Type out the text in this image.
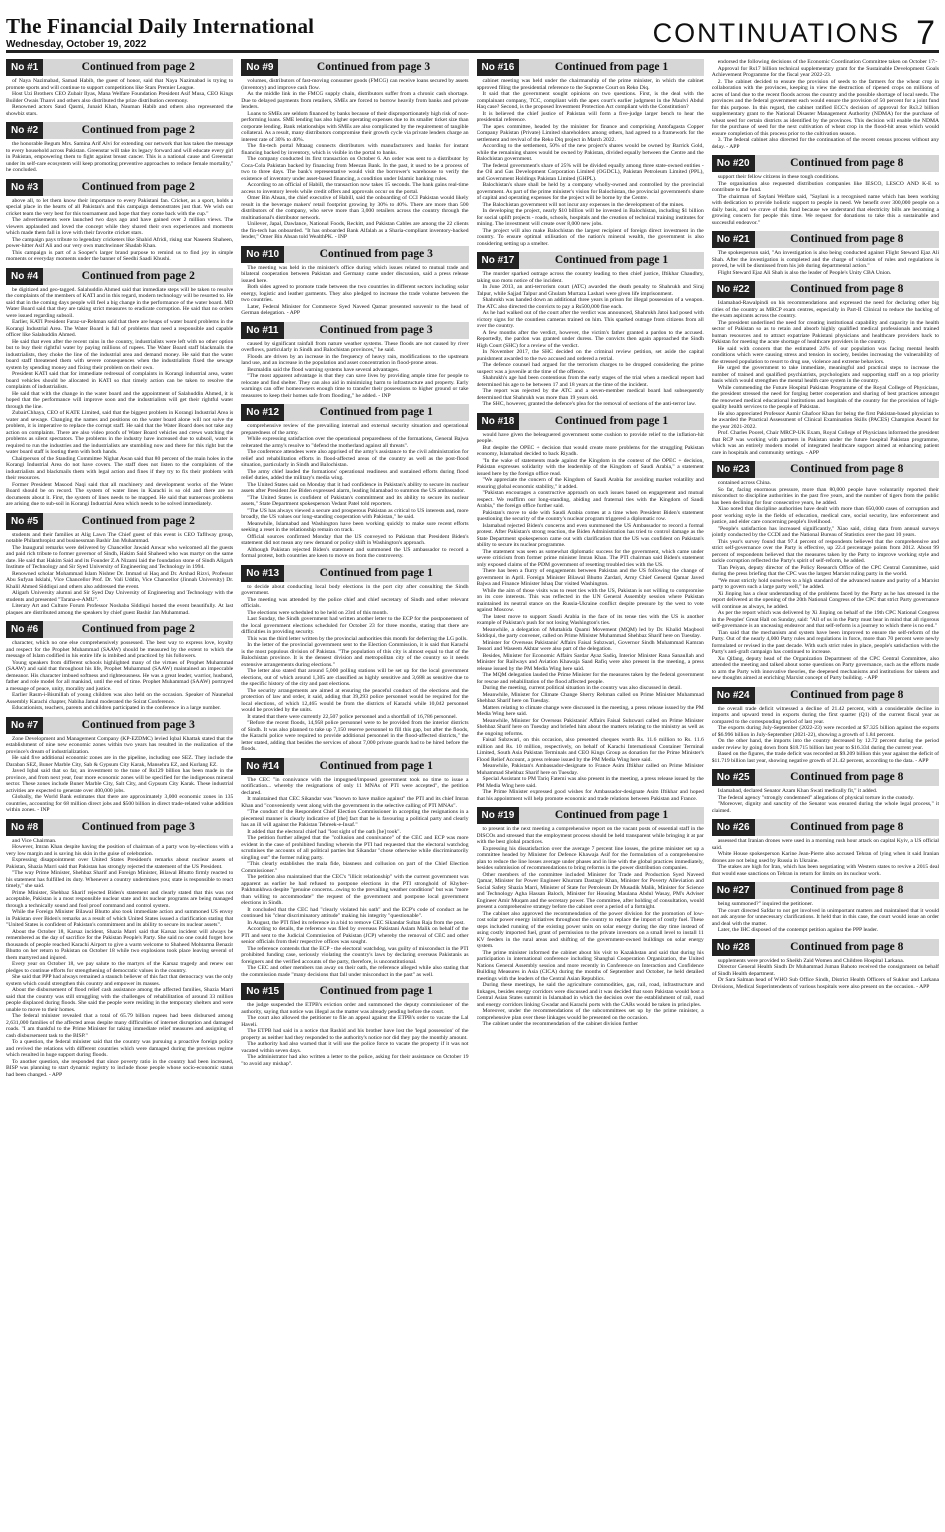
The Financial Daily International
Wednesday, October 19, 2022	CONTINUATIONS 7
No #1	Continued from page 2

of Naya Nazimabad, Samad Habib, the guest of honor, said that Naya Nazimabad is trying to promote sports and will continue to support competitions like Stars Premier League.

Host Uzi Brothers CEO Zubair Ilyas, Mana Welfare Foundation President Asif Musa, CEO Kings Builder Owais Thanvi and others also distributed the prize distribution ceremony.

Renowned actors Saud Qasmi, Junaid Khan, Nauman Habib and others also represented the showbiz stars.

No #2	Continued from page 2

the honorable Begum Mrs. Samina Arif Alvi for extending our network that has taken the message to every household across Pakistan. Greenstar will take its legacy forward and will educate every girl in Pakistan, empowering them to fight against breast cancer. This is a national cause and Greenstar under its self-care ecosystem will keep promoting preventive approaches to reduce female mortality," he concluded.

No #3	Continued from page 2

above all, to let them know their importance to every Pakistani fan. Cricket, as a sport, holds a special place in the hearts of all Pakistan's and this campaign demonstrates just that. We wish our cricket team the very best for this tournament and hope that they come back with the cup."

The advertisements were launched two days ago and have gained over 2 million views. The viewers applauded and loved the concept while they shared their own experiences and moments which made them fall in love with their favorite cricket stars.

The campaign pays tribute to legendary cricketers like Shahid Afridi, rising star Naseem Shaheen, power-hitter Asif Ali and our very own matchwinner Shadab Khan.

This campaign is part of a Sooper's larger brand purpose to remind us to find joy in simple moments or everyday moments under the banner of Seedhi Saadi Khushi.

No #4	Continued from page 2

be digitized and geo-tagged. Salahuddin Ahmed said that immediate steps will be taken to resolve the complaints of the members of KATI and in this regard, modern technology will be resorted to. He said that in the coming days people will feel a big change in the performance of the water board. MD Water Board said that they are taking strict measures to eradicate corruption. He said that no orders were issued regarding subsoil.

Earlier, KATI President Faraz-ur-Rehman said that there are heaps of water board problems in the Korangi Industrial Area. The Water Board is full of problems that need a responsible and capable officer like Salahuddin Ahmed.

He said that even after the recent rains in the country, industrialists were left with no other option but to buy their rightful water by paying millions of rupees. The Water Board staff blackmails the industrialists, they choke the line of the industrial area and demand money. He said that the water board staff threatened them with severe consequences when the industrialists fixed the sewage system by spending money and fixing their problem on their own.

President KATI said that for immediate redressal of complaints in Korangi industrial area, water board vehicles should be allocated in KATI so that timely action can be taken to resolve the complaints of industrialists.

He said that with the change in the water board and the appointment of Salahuddin Ahmed, it is hoped that the performance will improve soon and the industrialists will get their rightful water through the line.

ZubairChhaya, CEO of KATE Limited, said that the biggest problem in Korangi Industrial Area is water and sewage. Changing the names and positions on the water board alone will not solve the problem, it is imperative to replace the corrupt staff. He said that the Water Board does not take any action on complaints. There are also video proofs of Water Board vehicles and crews watching the problems as silent spectators. The problems in the industry have increased due to subsoil, water is required to run the industries and the industrialists are stumbling now and there for this right but the water board staff is looting them with both hands.

Chairperson of the Standing Committee Nighat Awan said that 80 percent of the main holes in the Korangi Industrial Area do not have covers. The staff does not listen to the complaints of the industrialists and blackmails them with legal action and fines if they try to fix their problem with their resources.

Former President Masood Naqi said that all machinery and development works of the Water Board should be on record. The system of water lines in Karachi is so old and there are no documents about it. First, the system of lines needs to be mapped. He said that numerous problems are arising due to sub-soil in Korangi Industrial Area which needs to be solved immediately.

No #5	Continued from page 2

students and their families at Alig Lawn The Chief guest of this event is CEO Tafllway group, notable Philanthropist and businessman Bashir Jan Muhammad.

The Inaugural remarks were delivered by Chancellor Jawaid Anwar who welcomed all the guests and paid rich tribute to former governor of Sindh, Hakim Said Shaheed who was martyr on the same date. He said that Hakim Said and its Founder Z.A Nizami laid the foundation stone of Sindh Aligarh Institute of Technology and Sir Syed University of Engineering and Technology in 1994.

Renowned scholar Mohammad Islam Nishter Dr. Immad ul Haq and Dr. Arshad Rizvi, Professor Abu Sufyan Isklahi, Vice Chancellor Prof. Dr. Vali Uddin, Vice Chancellor (Jinnah University) Dr. Khalil Ahmed Siddiqui and others also addressed the event.

Aligarh University alumni and Sir Syed Day University of Engineering and Technology with the students and presented "Tarana-e-AMU".

Literary Art and Culture Forum Professor Noshaba Siddiqui hosted the event beautifully. At last plaques are distributed among the speakers by chief guest Bashir Jan Muhammad.

No #6	Continued from page 2

character, which no one else comprehensively possessed. The best way to express love, loyalty and respect for the Prophet Muhammad (SAAW) should be measured by the extent to which the message of Islam codified in his entire life is imbibed and practiced by his followers.

Young speakers from different schools highlighted many of the virtues of Prophet Muhammad (SAAW) and said that throughout his life, Prophet Muhammad (SAAW) maintained an impeccable demeanor. His character imbued softness and righteousness. He was a great leader, warrior, husband, father and role model for all mankind, until the end of time. Prophet Muhammad (SAAW) portrayed a message of peace, unity, morality and justice.

Earlier Rasm-i-Bismillah of young children was also held on the occasion. Speaker of Naunehal Assembly Karachi chapter, Nabiha Jamal moderated the Soirat Conference.

Educationists, teachers, parents and children participated in the conference in a large number.

No #7	Continued from page 3

Zone Development and Management Company (KP-EZDMC) levied Iqbal Khattak stated that the establishment of nine new economic zones within two years has resulted in the realization of the province's dream of industrialization.

He said five additional economic zones are in the pipeline, including one SEZ. They include the Daraban SEZ, Buner Marble City, Sab & Gypsum City Karak, Mansehra EZ, and Kurlang EZ.

Javed Iqbal said that so far, an investment to the tune of Rs129 billion has been made in the province, and from next year, four more economic zones will be specified for the indigenous mineral sector. These zones include Buner Marble City, Salt City, and Gypsum City Karak. These industrial activities are expected to generate over 400,000 jobs.

Globally, the World Bank estimates that there are approximately 3,000 economic zones in 135 countries, accounting for 68 million direct jobs and $500 billion in direct trade-related value addition within zones. - INP

No #8	Continued from page 3

and Vice Chairman.

However, Imran Khan despite having the position of chairman of a party won by-elections with a very low margin and is saving his skin in the guise of celebration.

Expressing disappointment over United States President's remarks about nuclear assets of Pakistan, Shazia Marri said that Pakistan has strongly rejected the statement of the US President.

"The way Prime Minister, Shehbaz Sharif and Foreign Minister, Bilawal Bhutto firmly reacted to his statement has fulfilled its duty. Whenever a country undermines you; state is responsible to react timely," she said.

Prime Minister, Shehbaz Sharif rejected Biden's statement and clearly stated that this was not acceptable, Pakistan is a most responsible nuclear state and its nuclear programs are being managed through a technically sound and fool proof command and control system.

While the Foreign Minister Bilawal Bhutto also took immediate action and summoned US envoy in Pakistan over Biden's remarks as a result of which United States issued a clarification stating that "United States is confident of Pakistan's commitment and its ability to secure its nuclear assets".

About the October 18, Karsaz incident, Shazia Marri said that Karsaz incident will always be remembered as the day of sacrifice for the Pakistan People's Party. She said no one could forget how thousands of people reached Karachi Airport to give a warm welcome to Shaheed Mohtarma Benazir Bhutto on her return to Pakistan on October 18 while two explosions took place leaving several of them martyred and injured.

Every year on October 18, we pay salute to the martyrs of the Karsaz tragedy and renew our pledges to continue efforts for strengthening of democratic values in the country.

She said that PPP had always remained a staunch believer of this fact that democracy was the only system which could strengthen this country and empower its masses.

About the disbursement of flood relief cash assistance among the affected families, Shazia Marri said that the country was still struggling with the challenges of rehabilitation of around 33 million people displaced during floods. She said the people were residing in the temporary shelters and were unable to move to their homes.

The federal minister revealed that a total of 65.79 billion rupees had been disbursed among 2,631,000 families of the affected areas despite many difficulties of internet disruption and damaged roads. "I am thankful to the Prime Minister for taking immediate relief measures and assigning of cash disbursement task to the BISP."

To a question, the federal minister said that the country was pursuing a proactive foreign policy and revived the relations with different countries which were damaged during the previous regime which resulted in huge support during floods.

To another question, she responded that since poverty ratio in the country had been increased, BISP was planning to start dynamic registry to include those people whose socio-economic status had been changed. - APP

No #9	Continued from page 3

volumes, distributors of fast-moving consumer goods (FMCG) can receive loans secured by assets (inventory) and improve cash flow.

As the middle link in the FMCG supply chain, distributors suffer from a chronic cash shortage. Due to delayed payments from retailers, SMEs are forced to borrow heavily from banks and private lenders.

Loans to SMEs are seldom financed by banks because of their disproportionately high risk of non-performing loans. SME lending has also higher operating expenses due to its smaller ticket size than corporate lending. Bank relationships with SMEs are also complicated by the requirement of tangible collateral. As a result, many distributors compromise their growth cycle via private lenders charge an interest rate of 30% to 40%.

The fin-tech portal Mtaaag connects distributors with manufacturers and banks for instant financing backed by inventory, which is visible in the portal to banks.

The company conducted its first transaction on October 6. An order was sent to a distributor by Coca-Cola Pakistan backed by financing from Meezan Bank. In the past, it used to be a process of two to three days. The bank's representative would visit the borrower's warehouse to verify the existence of inventory under asset-based financing, a condition under Islamic banking rules.

According to an official of Habill, the transaction now takes 15 seconds. The bank gains real-time access to inventory levels while credit offers and approvals occur on the portal.

Omer Bin Ahsan, the chief executive of Habill, said the onboarding of CCI Pakistan would likely result in the beverage makers' retail footprint growing by 30% to 40%. There are more than 500 distributors of the company, who serve more than 3,000 retailers across the country through the multinational's distributor network.

Unilever, Japal, Dawlance, National Foods, Reckitt, and Pakistan Cables are among the 22 clients the fin-tech has onboarded. "It has onboarded Bank Alfalah as a Sharia-compliant inventory-backed lender," Omer Bin Ahsan told WealthPK. - INP

No #10	Continued from page 3

The meeting was held in the minister's office during which issues related to mutual trade and bilateral cooperation between Pakistan and Germany came under discussion, said a press release issued here.

Both sides agreed to promote trade between the two countries in different sectors including solar energy, logistic and leather garments. They also pledged to increase the trade volume between the two countries.

Later, Federal Minister for Commerce Syed Naveed Qamar presented souvenir to the head of German delegation. - APP

No #11	Continued from page 3

caused by significant rainfall from nature weather systems. These floods are not caused by river overflows, particularly in Sindh and Balochistan provinces," he said.

Floods are driven by an increase in the frequency of heavy rain, modifications to the upstream land use, and an increase in the population and asset concentration in flood-prone areas.

Bezmaldin said the flood warning systems have several advantages.

"The most apparent advantage is that they can save lives by providing ample time for people to relocate and find shelter. They can also aid in minimizing harm to infrastructure and property. Early warnings can offer homeowners enough time to transfer their possessions to higher ground or take measures to keep their homes safe from flooding," he added. - INP

No #12	Continued from page 1

comprehensive review of the prevailing internal and external security situation and operational preparedness of the army.

While expressing satisfaction over the operational preparedness of the formations, General Bajwa reiterated the army's resolve to "defend the motherland against all threats".

The conference attendees were also apprised of the army's assistance to the civil administration for relief and rehabilitation efforts in flood-affected areas of the country as well as the post-flood situation, particularly in Sindh and Balochistan.

The army chief lauded the formations' operational readiness and sustained efforts during flood relief duties, added the military's media wing.

The United States said on Monday that it had confidence in Pakistan's ability to secure its nuclear assets after President Joe Biden expressed alarm, leading Islamabad to summon the US ambassador.

"The United States is confident of Pakistan's commitment and its ability to secure its nuclear assets," State Department spokesperson Vedant Patel told reporters.

"The US has always viewed a secure and prosperous Pakistan as critical to US interests and, more broadly, the US values our long-standing cooperation with Pakistan," he said.

Meanwhile, Islamabad and Washington have been working quickly to make sure recent efforts seeking a reset in the relationship remain on track.

Official sources confirmed Monday that the US conveyed to Pakistan that President Biden's statement did not mean any new demand or policy shift in Washington's approach.

Although Pakistan rejected Biden's statement and summoned the US ambassador to record a formal protest, both countries are keen to move on from the controversy.

No #13	Continued from page 1

to decide about conducting local body elections in the port city after consulting the Sindh government.

The meeting was attended by the police chief and chief secretary of Sindh and other relevant officials.

The elections were scheduled to be held on 23rd of this month.

Last Sunday, the Sindh government had written another letter to the ECP for the postponement of the local government elections scheduled for October 23 for three months, stating that there are difficulties in providing security.

This was the third letter written by the provincial authorities this month for deferring the LG polls.

In the letter of the provincial government sent to the Election Commission, it is said that Karachi is the most populous division of Pakistan. "The population of this city is almost equal to that of the Balochistan province. It is the densest division and metropolitan city of the country so it needs extensive arrangements during elections."

The letter also stated that around 5,000 polling stations will be set up for the local government elections, out of which around 1,305 are classified as highly sensitive and 3,688 as sensitive due to the specific history of the city and past elections.

The security arrangements are aimed at ensuring the peaceful conduct of the elections and the protection of law and order, it said, adding that 39,293 police personnel would be required for the local elections, of which 12,465 would be from the districts of Karachi while 10,042 personnel would be provided by the units.

It stated that there were currently 22,507 police personnel and a shortfall of 16,786 personnel.

"Before the recent floods, 14,958 police personnel were to be provided from the interior districts of Sindh. It was also planned to take up 7,150 reserve personnel to fill this gap, but after the floods, the Karachi police were required to provide additional personnel in the flood-affected districts," the letter stated, adding that besides the services of about 7,000 private guards had to be hired before the floods.

No #14	Continued from page 1

The CEC "in connivance with the impugned/imposed government took no time to issue a notification... whereby the resignations of only 11 MNAs of PTI were accepted", the petition declared.

It maintained that CEC Sikandar was "known to have malice against" the PTI and its chief Imran Khan and "conveniently went along with the government in the selective calling of PTI MNAs".

"The conduct of the Respondent Chief Election Commissioner in accepting the resignations in a piecemeal manner is clearly indicative of [the] fact that he is favouring a political party and clearly has an ill will against the Pakistan Tehreek-e-Insaf."

It added that the electoral chief had "lost sight of the oath [he] took".

The petition further alleged that the "collusion and connivance" of the CEC and ECP was more evident in the case of prohibited funding wherein the PTI had requested that the electoral watchdog scrutinises the accounts of all political parties but Sikandar "chose otherwise while discriminatorily singling out" the former ruling party.

"This clearly establishes the mala fide, biasness and collusion on part of the Chief Election Commissioner."

The petition also maintained that the CEC's "illicit relationship" with the current government was apparent as earlier he had refused to postpone elections in the PTI stronghold of Khyber-Pakhtunkhwa despite "genuine concerns...owing to the prevailing weather conditions" but was "more than willing to accommodate" the request of the government and postpone local government elections in Sindh.

It concluded that the CEC had "clearly violated his oath" and the ECP's code of conduct as he continued his "clear discriminatory attitude" making his integrity "questionable".

In August, the PTI filed its reference in a bid to remove CEC Sikandar Sultan Raja from the post.

According to details, the reference was filed by overseas Pakistani Aslam Malik on behalf of the PTI and sent to the Judicial Commission of Pakistan (JCP) whereby the removal of CEC and other senior officials from their respective offices was sought.

The reference contends that the ECP - the electoral watchdog, was guilty of misconduct in the PTI prohibited funding case, seriously violating the country's laws by declaring overseas Pakistanis as foreigners and the verified accounts of the party, therefore, is unconstitutional.

The CEC and other members ran away on their oath, the reference alleged while also stating that the commission made "many decisions that fall under misconduct in the past" as well.

No #15	Continued from page 1

the judge suspended the ETPB's eviction order and summoned the deputy commissioner of the authority, saying that notice was illegal as the matter was already pending before the court.

The court also allowed the petitioner to file an appeal against the ETPB's order to vacate the Lal Haveli.

The ETPB had said in a notice that Rashid and his brother have lost the 'legal possession' of the property as neither had they responded to the authority's notice nor did they pay the monthly amount.

The authority had also warned that it will use the police force to vacate the property if it was not vacated within seven days.

The administrator had also written a letter to the police, asking for their assistance on October 19 "to avoid any mishap".

No #16	Continued from page 1

cabinet meeting was held under the chairmanship of the prime minister, in which the cabinet approved filing the presidential reference to the Supreme Court on Reko Diq.

It said that the government sought opinions on two questions. First, is the deal with the complainant company, TCC, compliant with the apex court's earlier judgment in the Maulvi Abdul Haq case? Second, is the proposed Investment Protection Act compliant with the Constitution?

It is believed the chief justice of Pakistan will form a five-judge larger bench to hear the presidential reference.

The apex committee, headed by the minister for finance and comprising Antofagasta Copper Company Pakistan (Private) Limited shareholders among others, had agreed to a framework for the settlement and revival of the Reko Diq project in March 2022.

According to the settlement, 50% of the new project's shares would be owned by Barrick Gold, while the remaining shares would be owned by Pakistan, divided equally between the Centre and the Balochistan government.

The federal government's share of 25% will be divided equally among three state-owned entities - the Oil and Gas Development Corporation Limited (OGDCL), Pakistan Petroleum Limited (PPL), and Government Holdings Pakistan Limited (GHPL).

Balochistan's share shall be held by a company wholly-owned and controlled by the provincial government. As part of the prime minister's vision for Balochistan, the provincial government's share of capital and operating expenses for the project will be borne by the Centre.

The Balochistan government will not incur any expenses in the development of the mines.

In developing the project, nearly $10 billion will be invested in Balochistan, including $1 billion for social uplift projects - roads, schools, hospitals and the creation of technical training institutes for mining. The investment will create over 8,000 new jobs.

The project will also make Balochistan the largest recipient of foreign direct investment in the country. To ensure optimal utilisation of the nation's mineral wealth, the government is also considering setting up a smelter.

No #17	Continued from page 1

The murder sparked outrage across the country leading to then chief justice, Iftikhar Chaudhry, taking suo motu notice of the incident.

In June 2013, an anti-terrorism court (ATC) awarded the death penalty to Shahrukh and Siraj Talpur, while Sajjad Talpur and Ghulam Murtaza Lashari were given life imprisonment.

Shahrukh was handed down an additional three years in prison for illegal possession of a weapon. The ATC also directed the convicts to pay a Rs500,000 fine each.

As he had walked out of the court after the verdict was announced, Shahrukh Jatoi had posed with victory signs for the countless cameras trained on him. This sparked outrage from citizens from all over the country.

A few months after the verdict, however, the victim's father granted a pardon to the accused. Reportedly, the pardon was granted under duress. The convicts then again approached the Sindh High Court (SHC) for a review of the verdict.

In November 2017, the SHC decided on the criminal review petition, set aside the capital punishment awarded to the two accused and ordered a retrial.

The defence counsel had argued for the terrorism charges to be dropped considering the prime suspect was a juvenile at the time of the offence.

Shahrukh's age had been contentious from the early stages of the trial when a medical report had determined his age to be between 17 and 18 years at the time of the incident.

The report was rejected by the ATC and a seven-member medical board had subsequently determined that Shahrukh was more than 19 years old.

The SHC, however, granted the defence's plea for the removal of sections of the anti-terror law.

No #18	Continued from page 1

would have given the beleaguered government some cushion to provide relief to the inflation-hit people.

But despite the OPEC + decision that would create more problems for the struggling Pakistan economy, Islamabad decided to back Riyadh.

"In the wake of statements made against the Kingdom in the context of the OPEC + decision, Pakistan expresses solidarity with the leadership of the Kingdom of Saudi Arabia," a statement issued here by the foreign office read.

"We appreciate the concern of the Kingdom of Saudi Arabia for avoiding market volatility and ensuring global economic stability," it added.

"Pakistan encourages a constructive approach on such issues based on engagement and mutual respect. We reaffirm our long-standing, abiding and fraternal ties with the Kingdom of Saudi Arabia," the foreign office further said.

Pakistan's move to side with Saudi Arabia comes at a time when President Biden's statement questioning the security of the country's nuclear program triggered a diplomatic row.

Islamabad rejected Biden's concerns and even summoned the US Ambassador to record a formal protest. After Pakistan's strong reaction, the Biden Administration has tried to control damage as the State Department spokesperson came out with clarification that the US was confident on Pakistan's ability to secure its nuclear programme.

The statement was seen as somewhat diplomatic success for the government, which came under severe criticism from former prime minister Imran Khan. The PTI chairman said Biden's statement only exposed claims of the PDM government of resetting troubled ties with the US.

There has been a flurry of engagements between Pakistan and the US following the change of government in April. Foreign Minister Bilawal Bhutto Zardari, Army Chief General Qamar Javed Bajwa and Finance Minister Ishaq Dar visited Washington.

While the aim of those visits was to reset ties with the US, Pakistan is not willing to compromise on its core interests. This was reflected in the UN General Assembly session where Pakistan maintained its neutral stance on the Russia-Ukraine conflict despite pressure by the west to vote against Moscow.

The latest move to support Saudi Arabia in the face of its tense ties with the US is another example of Pakistan's push for not losing Washington's ties.

Meanwhile, a delegation of Muttahida Quami Movement (MQM) led by Dr. Khalid Maqbool Siddiqui, the party convener, called on Prime Minister Muhammad Shehbaz Sharif here on Tuesday.

Minister for Overseas Pakistanis' Affairs Faisal Subzwari, Governor Sindh Muhammad Kamran Tessori and Waseem Akhtar were also part of the delegation.

Besides, Minister for Economic Affairs Sardar Ayaz Sadiq, Interior Minister Rana Sanaullah and Minister for Railways and Aviation Khawaja Saad Rafiq were also present in the meeting, a press release issued by the PM Media Wing here said.

The MQM delegation lauded the Prime Minister for the measures taken by the federal government for rescue and rehabilitation of the flood affected people.

During the meeting, current political situation in the country was also discussed in detail.

Meanwhile, Minister for Climate Change Sherry Rehman called on Prime Minister Muhammad Shehbaz Sharif here on Tuesday.

Matters relating to climate change were discussed in the meeting, a press release issued by the PM Media Wing here said.

Meanwhile, Minister for Overseas Pakistanis' Affairs Faisal Subzwari called on Prime Minister Shehbaz Sharif here on Tuesday and briefed him about the matters relating to the ministry as well as the ongoing reforms.

Faisal Subzwari, on this occasion, also presented cheques worth Rs. 11.6 million to Rs. 11.6 million and Rs. 10 million, respectively, on behalf of Karachi International Container Terminal Limited, South Asia Pakistan Terminals and CEO Kings Group as donation for the Prime Minister's Flood Relief Account, a press release issued by the PM Media Wing here said.

Meanwhile, Pakistan's Ambassador-designate to France Asim Iftikhar called on Prime Minister Muhammad Shehbaz Sharif here on Tuesday.

Special Assistant to PM Tariq Fatemi was also present in the meeting, a press release issued by the PM Media Wing here said.

The Prime Minister expressed good wishes for Ambassador-designate Asim Iftikhar and hoped that his appointment will help promote economic and trade relations between Pakistan and France.

No #19	Continued from page 1

to present in the next meeting a comprehensive report on the vacant posts of essential staff in the DISCOs and stressed that the employment process should be held transparent while bringing it at par with the best global practices.

Expressing his dissatisfaction over the average 7 percent line losses, the prime minister set up a committee headed by Minister for Defence Khawaja Asif for the formulation of a comprehensive plan to reduce the line losses average under phases and in line with the global practices immediately, besides submission of recommendations to bring reforms in the power distribution companies.

Other members of the committee included Minister for Trade and Production Syed Naveed Qamar, Minister for Power Engineer Khurram Dastagir Khan, Minister for Poverty Alleviation and Social Safety Shazia Marri, Minister of State for Petroleum Dr Musadik Malik, Minister for Science and Technology Agha Hassan Baloch, Minister for Housing Maulana Abdul Wasay, PM's Adviser Engineer Amir Muqam and the secretary power. The committee, after holding of consultation, would present a comprehensive strategy before the cabinet over a period of a fortnight.

The cabinet also approved the recommendation of the power division for the promotion of low-cost solar power energy initiatives throughout the country to replace the import of costly fuel. These steps included running of the existing power units on solar energy during the day time instead of using costly imported fuel, grant of permission to the private investors on a small level to install 11 KV feeders in the rural areas and shifting of the government-owned buildings on solar energy system.

The prime minister informed the cabinet about his visit to Kazakhstan and said that during his participation in international conference including Shanghai Cooperation Organization, the United Nations General Assembly session and more recently in Conference on Interaction and Confidence Building Measures in Asia (CICA) during the months of September and October, he held detailed meetings with the leaders of the Central Asian Republics.

During these meetings, he said the agriculture commodities, gas, rail, road, infrastructure and linkages, besides energy corridors were discussed and it was decided that soon Pakistan would host a Central Asian States summit in Islamabad in which the decision over the establishment of rail, road and energy corridors linking Gwadar and Karachi ports with the CARs would be taken in principles.

Moreover, under the recommendations of the subcommittees set up by the prime minister, a comprehensive plan over these linkages would be presented on the occasion.

The cabinet under the recommendation of the cabinet division further

endorsed the following decisions of the Economic Coordination Committee taken on October 17:-

Approval for Rs17 billion technical supplementary grant for the Sustainable Development Goals Achievement Programme for the fiscal year 2022-23.

2. The cabinet decided to ensure the provision of seeds to the farmers for the wheat crop in collaboration with the provinces, keeping in view the destruction of ripened crops on millions of acres of land due to the recent floods across the country and the possible shortage of local seeds. The provinces and the federal government each would ensure the provision of 50 percent for a joint fund for this purpose. In this regard, the cabinet ratified ECC's decision of approval for Rs3.2 billion supplementary grant to the National Disaster Management Authority (NDMA) for the purchase of wheat seed for certain districts as identified by the provinces. This decision will enable the NDMA for the purchase of seed for the next cultivation of wheat crop in the flood-hit areas which would ensure completion of this process prior to the cultivation season.

3. The federal cabinet also directed for the continuation of the recent census process without any delay. - APP

No #20	Continued from page 8

support their fellow citizens in these tough conditions.

The organisation also requested distribution companies like IESCO, LESCO AND K-E to contribute to the fund.

The chairman of Saylani Welfare said, "Saylani is a recognised name which has been working with dedication to provide holistic support to people in need. We benefit over 300,000 people on a daily basis, and we crave of this fund because we understand that electricity bills are becoming a growing concern for people this time. We request for donations to take this a sustainable and successful endeavor."

No #21	Continued from page 8

The spokesperson said, "An investigation is also being conducted against Flight Steward Ejaz Ali Shah. After the investigation is completed and the charge of violation of rules and regulations is proved, he will be dismissed from his job during departmental action."

Flight Steward Ejaz Ali Shah is also the leader of People's Unity CBA Union.

No #22	Continued from page 8

Islamabad-Rawalpindi on his recommendations and expressed the need for declaring other big cities of the country as MRCP exam centres, especially in Part-II Clinical to reduce the backlog of the exam aspirants across the country.

The president underlined the need for creating institutional capability and capacity in the health sector of Pakistan so as to retain and absorb highly qualified medical professionals and trained human resources and to attract expatriate Pakistani physicians and healthcare providers back to Pakistan for meeting the acute shortage of healthcare providers in the country.

He said with concern that the estimated 24% of our population was facing mental health conditions which were causing stress and tension in society, besides increasing the vulnerability of the stressed population to resort to drug use, violence and extreme behaviors.

He urged the government to take immediate, meaningful and practical steps to increase the number of trained and qualified psychiatrists, psychologists and supporting staff on a top priority basis which would strengthen the mental health care system in the country.

While commending the Future Hospital Pakistan Programme of the Royal College of Physicians, the president stressed the need for forging better cooperation and sharing of best practices amongst the renowned medical educational institutions and hospitals of the country for the provision of high-quality health services to the people of Pakistan.

He also appreciated Professor Aamir Ghafoor Khan for being the first Pakistan-based physician to be awarded the Practical Assessment of Clinical Examination Skills (PACES) Champion Award for the year 2021-2022.

Prof. Charles Poorel, Chair MRCP-UK Exam, Royal College of Physicians informed the president that RCP was working with partners in Pakistan under the future hospital Pakistan programme, which was an entirely modern model of integrated healthcare support aimed at enhancing patient care in hospitals and community settings. - APP

No #23	Continued from page 8

contained across China.

So far, facing enormous pressure, more than 80,000 people have voluntarily reported their misconduct to discipline authorities in the past five years, and the number of tigers from the public has been declining for four consecutive years, he added.

Xiao noted that discipline authorities have dealt with more than 650,000 cases of corruption and poor working style in the fields of education, medical care, social security, law enforcement and justice, and elder care concerning people's livelihood.

"People's satisfaction has increased significantly," Xiao said, citing data from annual surveys jointly conducted by the CCDI and the National Bureau of Statistics over the past 10 years.

This year's survey found that 97.4 percent of respondents believed that the comprehensive and strict self-governance over the Party is effective, up 22.4 percentage points from 2012. About 99 percent of respondents believed that the measures taken by the Party to improve working style and tackle corruption reflected the Party's spirit of self-reform, he added.

Tian Peiyan, deputy director of the Policy Research Office of the CPC Central Committee, said during the press briefing that the CPC was the largest Marxist ruling party in the world.

"We must strictly hold ourselves to a high standard of the advanced nature and purity of a Marxist party to govern such a large party well," he added.

Xi Jinping has a clear understanding of the problems faced by the Party as he has stressed in the report delivered at the opening of the 20th National Congress of the CPC that strict Party governance will continue as always, he added.

As per the report which was delivered by Xi Jinping on behalf of the 19th CPC National Congress in the Peoples' Great Hall on Sunday, said: "All of us in the Party must bear in mind that all rigorous self-governance is an unceasing endeavor and that self-reform is a journey to which there is no end."

Tian said that the mechanism and system have been improved to ensure the self-reform of the Party. Out of the nearly 4,000 Party rules and regulations in force, more than 70 percent were newly formulated or revised in the past decade. With such strict rules in place, people's satisfaction with the Party's anti-graft campaign has continued to increase.

Xu Qifang, deputy head of the Organization Department of the CPC Central Committee, also attended the meeting and talked about some questions on Party governance, such as the efforts made to arm the Party with innovative theories, the deepened mechanisms and institutions for talents and new thoughts aimed at enriching Marxist concept of Party building. - APP

No #24	Continued from page 8

the overall trade deficit witnessed a decline of 21.42 percent, with a considerable decline in imports and upward trend in exports during the first quarter (Q1) of the current fiscal year as compared to the corresponding period of last year.

The exports during July-September (2022-23) were recorded at $7.325 billion against the exports of $6.996 billion in July-September (2021-22), showing a growth of 1.84 percent.

On the other hand, the imports into the country decreased by 12.72 percent during the period under review by going down from $18.715 billion last year to $16.334 during the current year.

Based on the figures, the trade deficit was recorded at $9.209 billion this year against the deficit of $11.719 billion last year, showing negative growth of 21.42 percent, according to the data. - APP

No #25	Continued from page 8

Islamabad, declared Senator Azam Khan Swati medically fit," it added.

The federal agency "strongly condemned" allegations of physical torture in the custody.

"Moreover, dignity and sanctity of the Senator was ensured during the whole legal process," it claimed.

No #26	Continued from page 8

assessed that Iranian drones were used in a morning rush hour attack on capital Kyiv, a US official said.

White House spokesperson Karine Jean-Pierre also accused Tehran of lying when it said Iranian drones are not being used by Russia in Ukraine.

The stakes are high for Iran, which has been negotiating with Western states to revive a 2015 deal that would ease sanctions on Tehran in return for limits on its nuclear work.

No #27	Continued from page 8

being summoned?" inquired the petitioner.

The court directed Safdar to not get involved in unimportant matters and maintained that it would not ask anyone for unnecessary clarifications. It held that in this case, the court would issue an order and deal with the matter.

Later, the IHC disposed of the contempt petition against the PPP leader.

No #28	Continued from page 8

supplements were provided to Sheikh Zaid Women and Children Hospital Larkana.

Director General Health Sindh Dr Muhammad Juman Bahoto received the consignment on behalf of Sindh Health department.

Dr Sara Salman head of WHO Sub Office Sindh, District Health Officers of Sukkur and Larkana Divisions, Medical Superintendents of various hospitals were also present on the occasion. - APP
